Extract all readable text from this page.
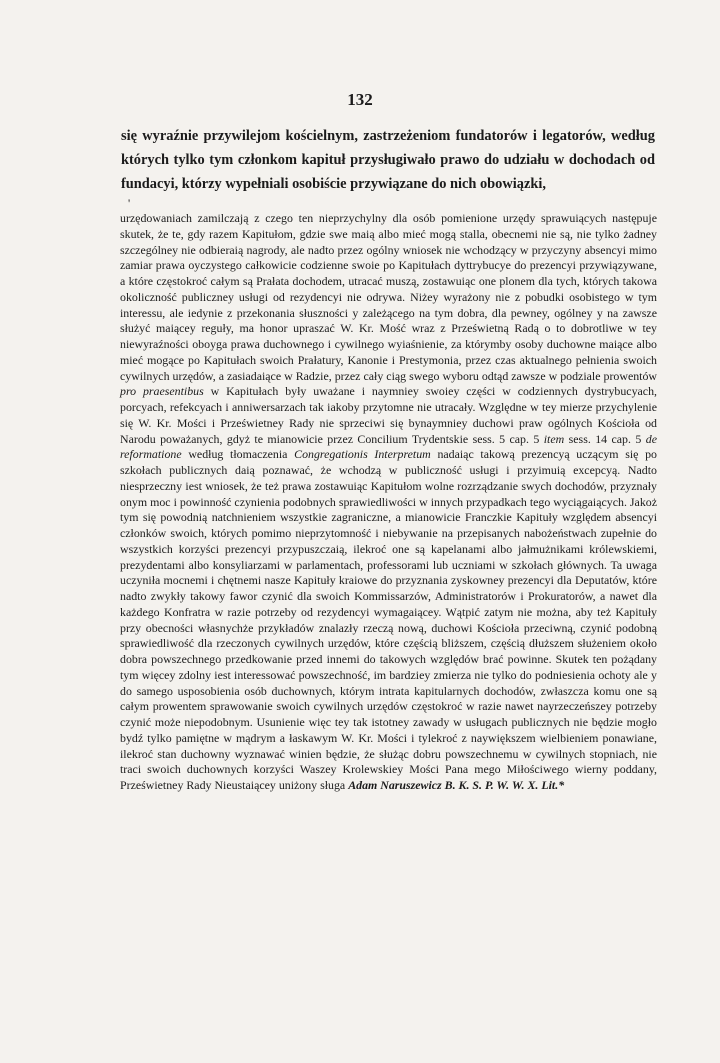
132

się wyraźnie przywilejom kościelnym, zastrzeżeniom fundatorów i legatorów, według których tylko tym członkom kapituł przysługiwało prawo do udziału w dochodach od fundacyi, którzy wypełniali osobiście przywiązane do nich obowiązki,

'

urzędowaniach zamilczają z czego ten nieprzychylny dla osób pomienione urzędy sprawuiących następuje skutek, że te, gdy razem Kapitułom, gdzie swe maią albo mieć mogą stalla, obecnemi nie są, nie tylko żadney szczególney nie odbieraią nagrody, ale nadto przez ogólny wniosek nie wchodzący w przyczyny absencyi mimo zamiar prawa oyczystego całkowicie codzienne swoie po Kapitułach dyttrybucye do prezencyi przywiązywane, a które częstokroć całym są Prałata dochodem, utracać muszą, zostawuiąc one plonem dla tych, których takowa okoliczność publiczney usługi od rezydencyi nie odrywa. Niżey wyrażony nie z pobudki osobistego w tym interessu, ale iedynie z przekonania słuszności y zależącego na tym dobra, dla pewney, ogólney y na zawsze służyć maiącey reguły, ma honor upraszać W. Kr. Mość wraz z Prześwietną Radą o to dobrotliwe w tey niewyraźności oboyga prawa duchownego i cywilnego wyiaśnienie, za którymby osoby duchowne maiące albo mieć mogące po Kapitułach swoich Prałatury, Kanonie i Prestymonia, przez czas aktualnego pełnienia swoich cywilnych urzędów, a zasiadaiące w Radzie, przez cały ciąg swego wyboru odtąd zawsze w podziale prowentów pro praesentibus w Kapitułach były uważane i naymniey swoiey części w codziennych dystrybucyach, porcyach, refekcyach i anniwersarzach tak iakoby przytomne nie utracały. Względne w tey mierze przychylenie się W. Kr. Mości i Prześwietney Rady nie sprzeciwi się bynaymniey duchowi praw ogólnych Kościoła od Narodu poważanych, gdyż te mianowicie przez Concilium Trydentskie sess. 5 cap. 5 item sess. 14 cap. 5 de reformatione według tłomaczenia Congregationis Interpretum nadaiąc takową prezencyą uczącym się po szkołach publicznych daią poznawać, że wchodzą w publiczność usługi i przyimuią excepcyą. Nadto niesprzeczny iest wniosek, że też prawa zostawuiąc Kapitułom wolne rozrządzanie swych dochodów, przyznały onym moc i powinność czynienia podobnych sprawiedliwości w innych przypadkach tego wyciągaiących. Jakoż tym się powodnią natchnieniem wszystkie zagraniczne, a mianowicie Franczkie Kapituły względem absencyi członków swoich, których pomimo nieprzytomność i niebywanie na przepisanych nabożeństwach zupełnie do wszystkich korzyści prezencyi przypuszczaią, ilekroć one są kapelanami albo jałmużnikami królewskiemi, prezydentami albo konsyliarzami w parlamentach, professorami lub uczniami w szkołach głównych. Ta uwaga uczyniła mocnemi i chętnemi nasze Kapituły kraiowe do przyznania zyskowney prezencyi dla Deputatów, które nadto zwykły takowy fawor czynić dla swoich Kommissarzów, Administratorów i Prokuratorów, a nawet dla każdego Konfratra w razie potrzeby od rezydencyi wymagaiącey. Wątpić zatym nie można, aby też Kapituły przy obecności własnychże przykładów znalazły rzeczą nową, duchowi Kościoła przeciwną, czynić podobną sprawiedliwość dla rzeczonych cywilnych urzędów, które częścią bliższem, częścią dłuższem służeniem około dobra powszechnego przedkowanie przed innemi do takowych względów brać powinne. Skutek ten pożądany tym więcey zdolny iest interessować powszechność, im bardziey zmierza nie tylko do podniesienia ochoty ale y do samego usposobienia osób duchownych, którym intrata kapitularnych dochodów, zwłaszcza komu one są całym prowentem sprawowanie swoich cywilnych urzędów częstokroć w razie nawet nayrzeczeńszey potrzeby czynić może niepodobnym. Usunienie więc tey tak istotney zawady w usługach publicznych nie będzie mogło bydź tylko pamiętne w mądrym a łaskawym W. Kr. Mości i tylekroć z naywiększem wielbieniem ponawiane, ilekroć stan duchowny wyznawać winien będzie, że służąc dobru powszechnemu w cywilnych stopniach, nie traci swoich duchownych korzyści Waszey Krolewskiey Mości Pana mego Miłościwego wierny poddany, Prześwietney Rady Nieustaiącey uniżony sługa Adam Naruszewicz B. K. S. P. W. W. X. Lit.*
